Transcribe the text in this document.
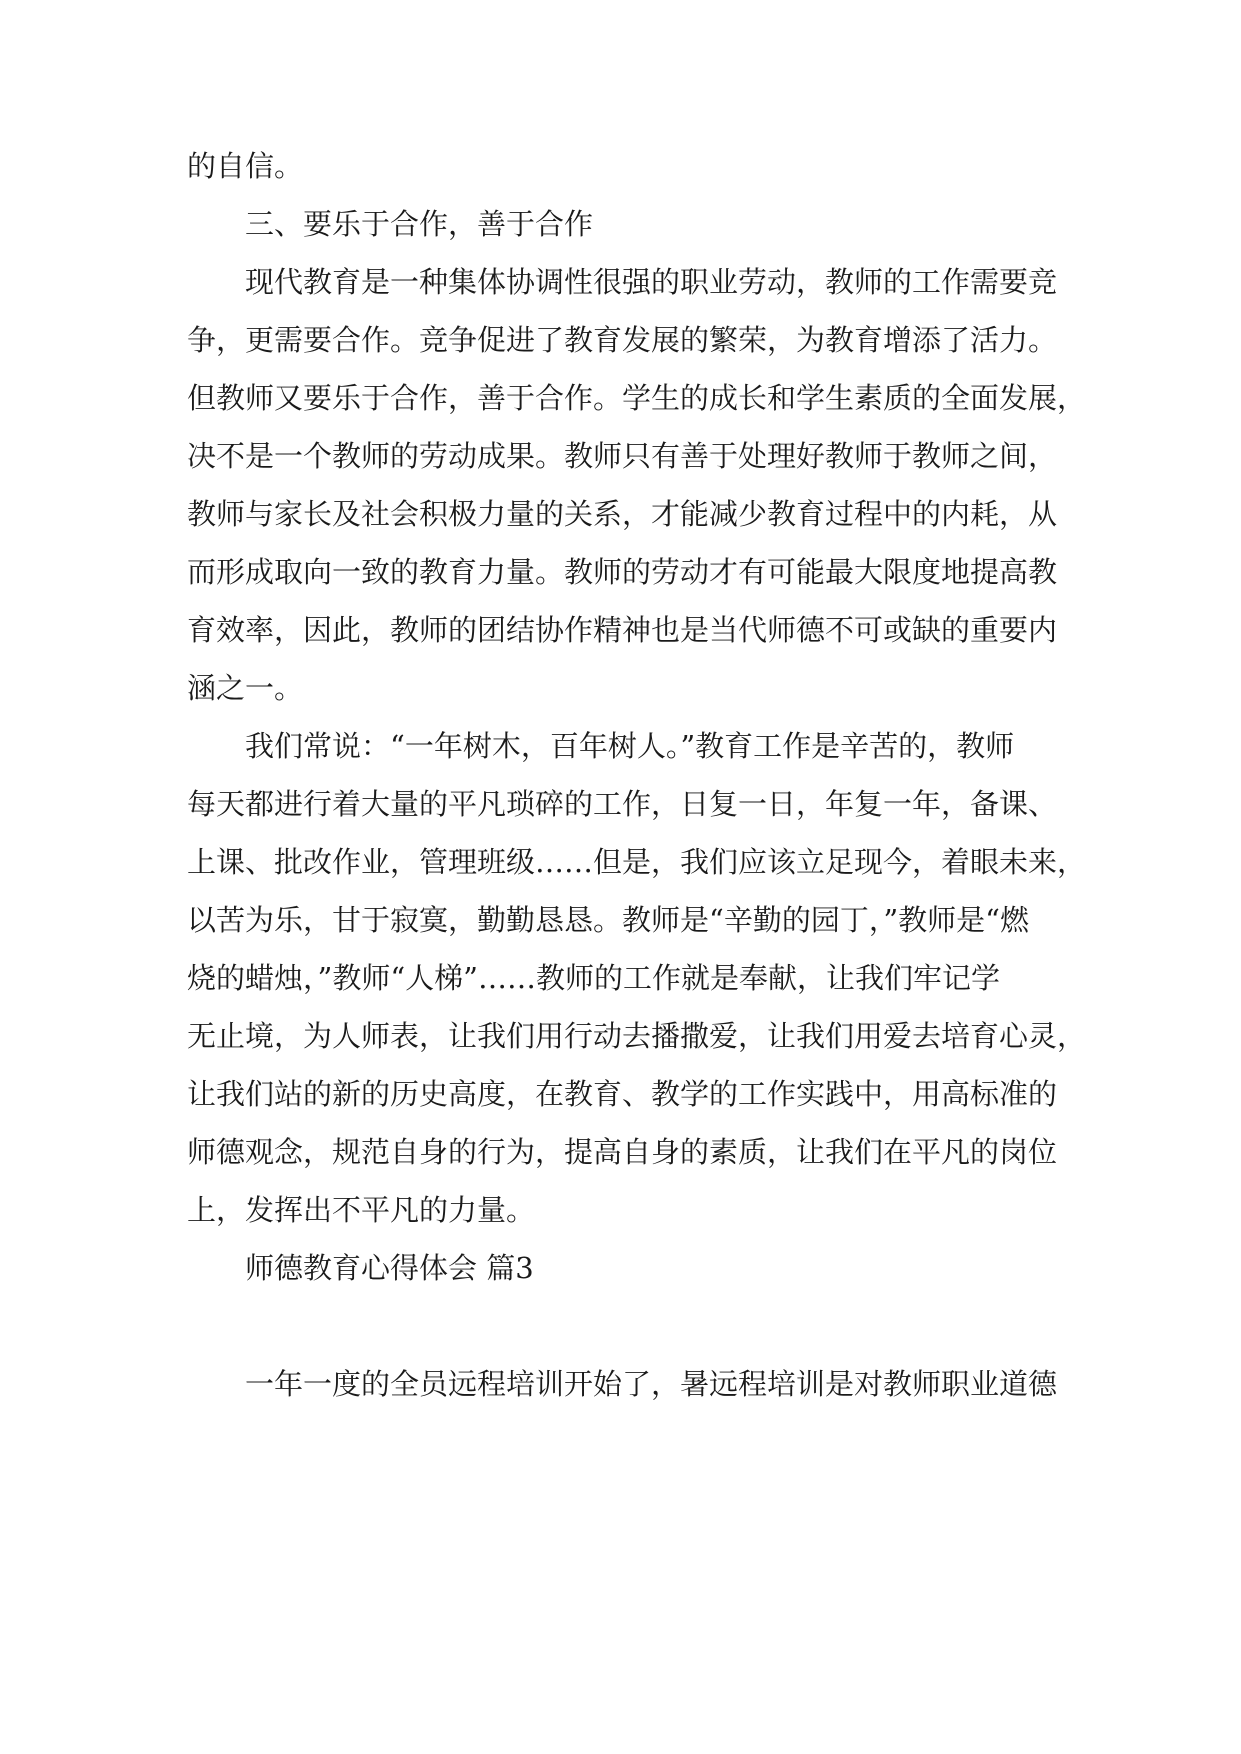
的自信。
三、要乐于合作，善于合作
现代教育是一种集体协调性很强的职业劳动，教师的工作需要竞
争，更需要合作。竞争促进了教育发展的繁荣，为教育增添了活力。
但教师又要乐于合作，善于合作。学生的成长和学生素质的全面发展，
决不是一个教师的劳动成果。教师只有善于处理好教师于教师之间，
教师与家长及社会积极力量的关系，才能减少教育过程中的内耗，从
而形成取向一致的教育力量。教师的劳动才有可能最大限度地提高教
育效率，因此，教师的团结协作精神也是当代师德不可或缺的重要内
涵之一。
我们常说：“一年树木，百年树人。”教育工作是辛苦的，教师
每天都进行着大量的平凡琐碎的工作，日复一日，年复一年，备课、
上课、批改作业，管理班级……但是，我们应该立足现今，着眼未来，
以苦为乐，甘于寂寞，勤勤恳恳。教师是“辛勤的园丁，”教师是“燃
烧的蜡烛，”教师“人梯”……教师的工作就是奉献，让我们牢记学
无止境，为人师表，让我们用行动去播撒爱，让我们用爱去培育心灵，
让我们站的新的历史高度，在教育、教学的工作实践中，用高标准的
师德观念，规范自身的行为，提高自身的素质，让我们在平凡的岗位
上，发挥出不平凡的力量。
师德教育心得体会 篇3
一年一度的全员远程培训开始了，暑远程培训是对教师职业道德
